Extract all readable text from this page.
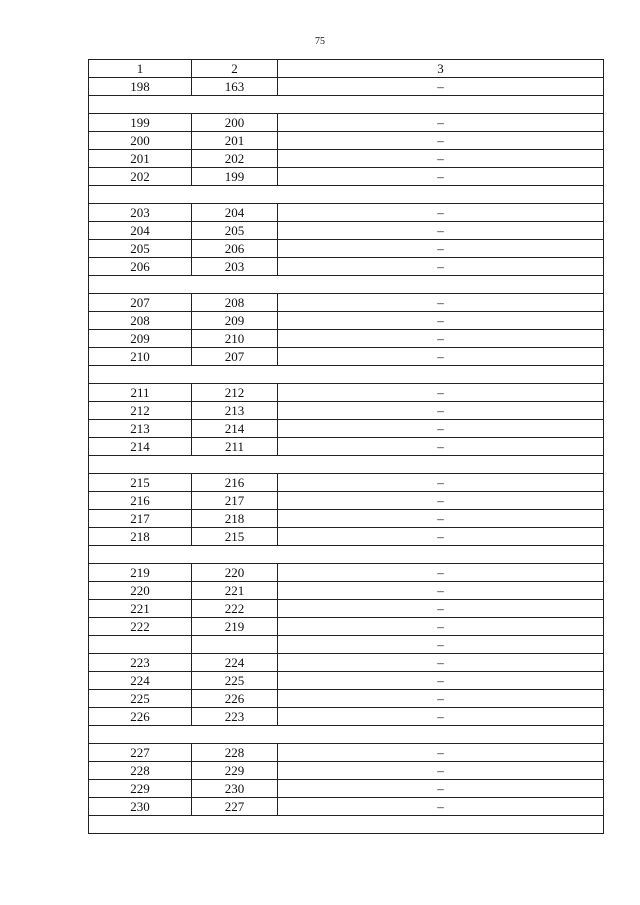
75
1	2	3
198	163	–

199	200	–
200	201	–
201	202	–
202	199	–

203	204	–
204	205	–
205	206	–
206	203	–

207	208	–
208	209	–
209	210	–
210	207	–

211	212	–
212	213	–
213	214	–
214	211	–

215	216	–
216	217	–
217	218	–
218	215	–

219	220	–
220	221	–
221	222	–
222	219	–
		–
223	224	–
224	225	–
225	226	–
226	223	–

227	228	–
228	229	–
229	230	–
230	227	–
